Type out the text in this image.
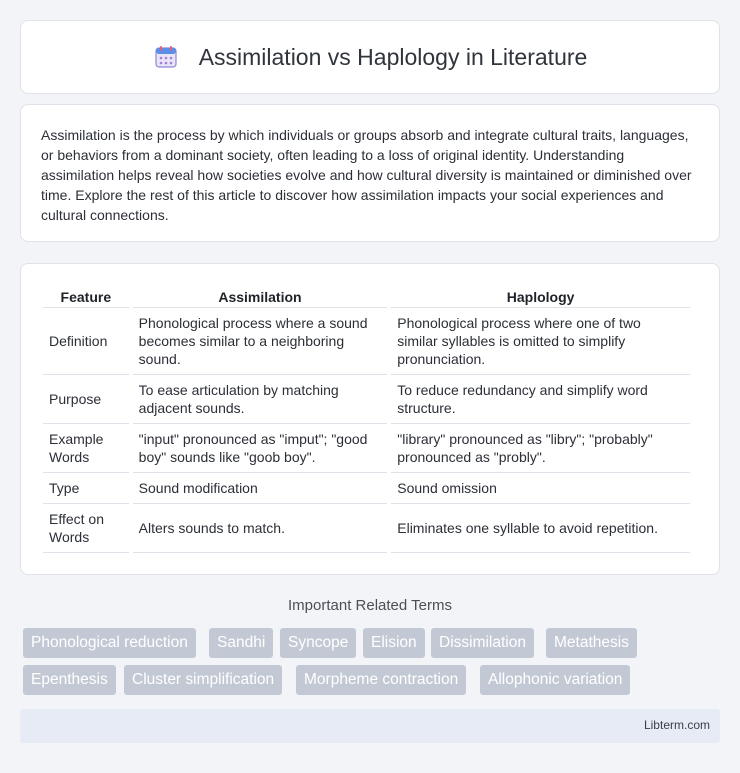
Assimilation vs Haplology in Literature

Assimilation is the process by which individuals or groups absorb and integrate cultural traits, languages, or behaviors from a dominant society, often leading to a loss of original identity. Understanding assimilation helps reveal how societies evolve and how cultural diversity is maintained or diminished over time. Explore the rest of this article to discover how assimilation impacts your social experiences and cultural connections.

Feature	Assimilation	Haplology
Definition	Phonological process where a sound becomes similar to a neighboring sound.	Phonological process where one of two similar syllables is omitted to simplify pronunciation.
Purpose	To ease articulation by matching adjacent sounds.	To reduce redundancy and simplify word structure.
Example Words	"input" pronounced as "imput"; "good boy" sounds like "goob boy".	"library" pronounced as "libry"; "probably" pronounced as "probly".
Type	Sound modification	Sound omission
Effect on Words	Alters sounds to match.	Eliminates one syllable to avoid repetition.
Important Related Terms
Phonological reduction	Sandhi	Syncope	Elision	Dissimilation	Metathesis
Epenthesis	Cluster simplification	Morpheme contraction	Allophonic variation
Libterm.com
